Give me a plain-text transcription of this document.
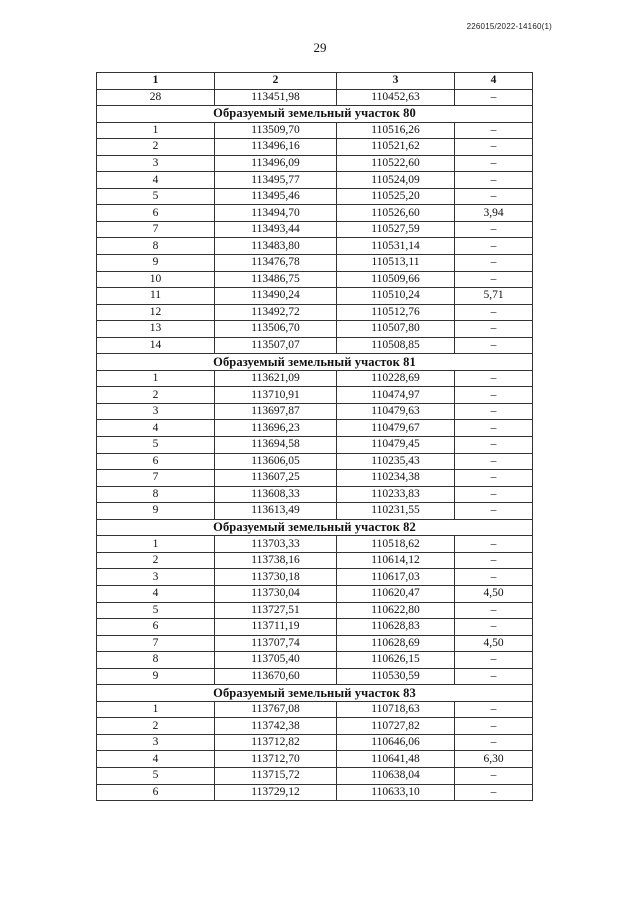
226015/2022-14160(1)
29
1	2	3	4
28	113451,98	110452,63	–
Образуемый земельный участок 80			
1	113509,70	110516,26	–
2	113496,16	110521,62	–
3	113496,09	110522,60	–
4	113495,77	110524,09	–
5	113495,46	110525,20	–
6	113494,70	110526,60	3,94
7	113493,44	110527,59	–
8	113483,80	110531,14	–
9	113476,78	110513,11	–
10	113486,75	110509,66	–
11	113490,24	110510,24	5,71
12	113492,72	110512,76	–
13	113506,70	110507,80	–
14	113507,07	110508,85	–
Образуемый земельный участок 81			
1	113621,09	110228,69	–
2	113710,91	110474,97	–
3	113697,87	110479,63	–
4	113696,23	110479,67	–
5	113694,58	110479,45	–
6	113606,05	110235,43	–
7	113607,25	110234,38	–
8	113608,33	110233,83	–
9	113613,49	110231,55	–
Образуемый земельный участок 82			
1	113703,33	110518,62	–
2	113738,16	110614,12	–
3	113730,18	110617,03	–
4	113730,04	110620,47	4,50
5	113727,51	110622,80	–
6	113711,19	110628,83	–
7	113707,74	110628,69	4,50
8	113705,40	110626,15	–
9	113670,60	110530,59	–
Образуемый земельный участок 83			
1	113767,08	110718,63	–
2	113742,38	110727,82	–
3	113712,82	110646,06	–
4	113712,70	110641,48	6,30
5	113715,72	110638,04	–
6	113729,12	110633,10	–
